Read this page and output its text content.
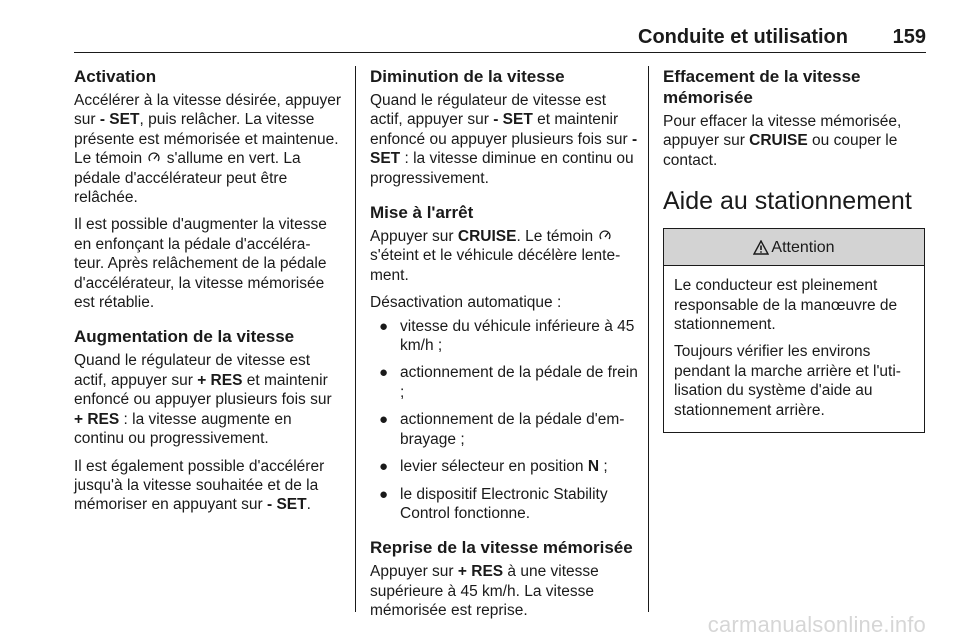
Conduite et utilisation 159
Activation

Accélérer à la vitesse désirée, appuyer sur - SET, puis relâcher. La vitesse présente est mémorisée et maintenue. Le témoin  s'allume en vert. La pédale d'accélérateur peut être relâchée.

Il est possible d'augmenter la vitesse en enfonçant la pédale d'accéléra- teur. Après relâchement de la pédale d'accélérateur, la vitesse mémorisée est rétablie.

Augmentation de la vitesse

Quand le régulateur de vitesse est actif, appuyer sur + RES et maintenir enfoncé ou appuyer plusieurs fois sur + RES : la vitesse augmente en continu ou progressivement.

Il est également possible d'accélérer jusqu'à la vitesse souhaitée et de la mémoriser en appuyant sur - SET.

Diminution de la vitesse

Quand le régulateur de vitesse est actif, appuyer sur - SET et maintenir enfoncé ou appuyer plusieurs fois sur - SET : la vitesse diminue en continu ou progressivement.

Mise à l'arrêt

Appuyer sur CRUISE. Le témoin  s'éteint et le véhicule décélère lente- ment.

Désactivation automatique :

● vitesse du véhicule inférieure à 45 km/h ;
● actionnement de la pédale de frein ;
● actionnement de la pédale d'em- brayage ;
● levier sélecteur en position N ;
● le dispositif Electronic Stability Control fonctionne.
Reprise de la vitesse mémorisée

Appuyer sur + RES à une vitesse supérieure à 45 km/h. La vitesse mémorisée est reprise.

Effacement de la vitesse mémorisée

Pour effacer la vitesse mémorisée, appuyer sur CRUISE ou couper le contact.

Aide au stationnement
Attention

Le conducteur est pleinement responsable de la manœuvre de stationnement.

Toujours vérifier les environs pendant la marche arrière et l'uti- lisation du système d'aide au stationnement arrière.

carmanualsonline.info
